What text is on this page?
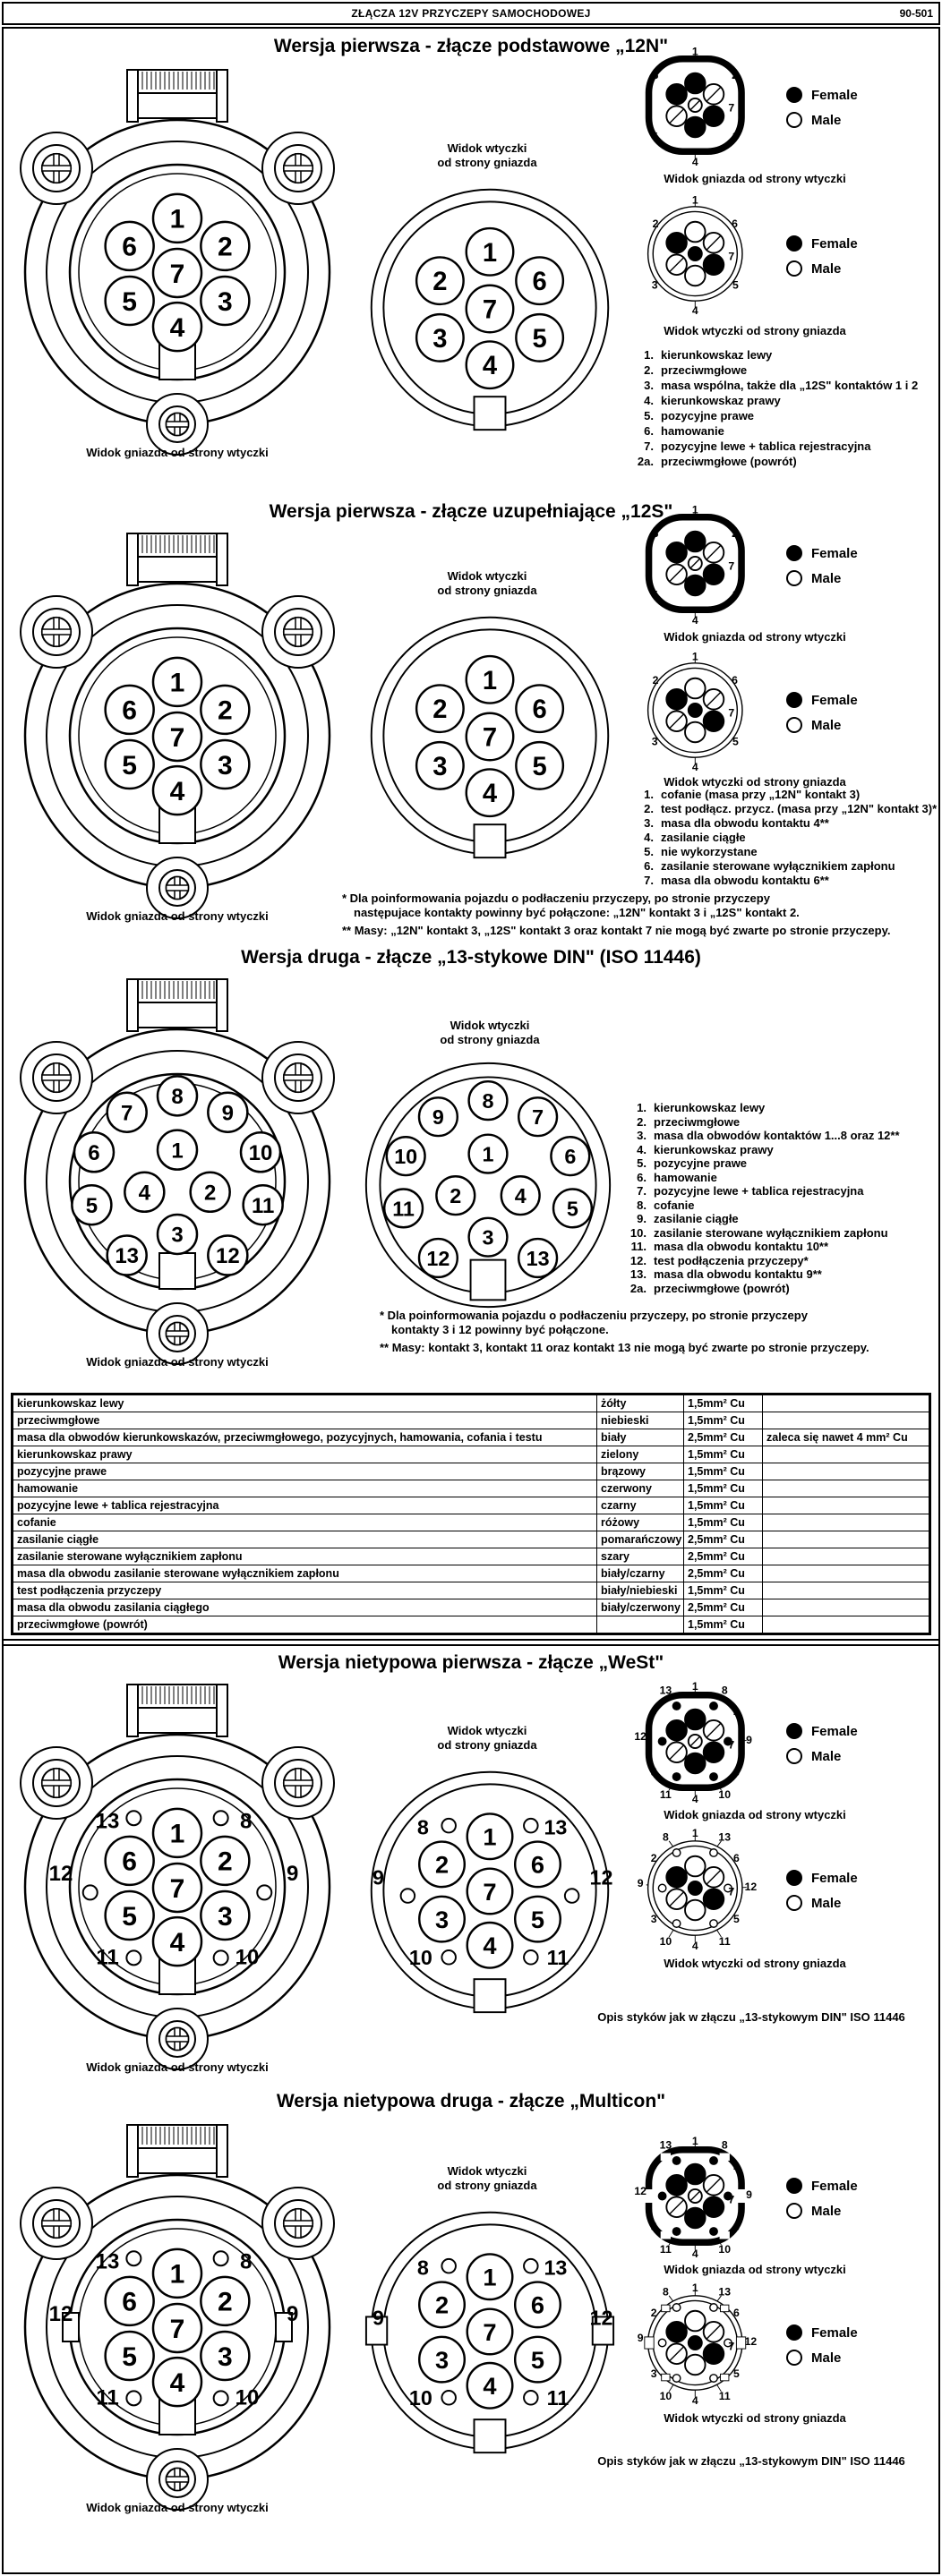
ZŁĄCZA 12V PRZYCZEPY SAMOCHODOWEJ	90-501
Wersja pierwsza - złącze podstawowe „12N"
1
6	2
7
5	3
4
Widok gniazda od strony wtyczki
Widok wtyczki
od strony gniazda
1
2	6
7
3	5
4
1
6	2
7
5	3
4
Female
Male
Widok gniazda od strony wtyczki
1
2	6
7
3	5
4
Female
Male
Widok wtyczki od strony gniazda
1. kierunkowskaz lewy
2. przeciwmgłowe
3. masa wspólna, także dla „12S" kontaktów 1 i 2
4. kierunkowskaz prawy
5. pozycyjne prawe
6. hamowanie
7. pozycyjne lewe + tablica rejestracyjna
2a. przeciwmgłowe (powrót)
Wersja pierwsza - złącze uzupełniające „12S"
1
6	2
7
5	3
4
Widok gniazda od strony wtyczki
Widok wtyczki
od strony gniazda
1
2	6
7
3	5
4
1
6	2
7
5	3
4
Female
Male
Widok gniazda od strony wtyczki
1
2	6
7
3	5
4
Female
Male
Widok wtyczki od strony gniazda
1. cofanie (masa przy „12N" kontakt 3)
2. test podłącz. przycz. (masa przy „12N" kontakt 3)*
3. masa dla obwodu kontaktu 4**
4. zasilanie ciągłe
5. nie wykorzystane
6. zasilanie sterowane wyłącznikiem zapłonu
7. masa dla obwodu kontaktu 6**
* Dla poinformowania pojazdu o podłaczeniu przyczepy, po stronie przyczepy
następujace kontakty powinny być połączone: „12N" kontakt 3 i „12S" kontakt 2.
** Masy: „12N" kontakt 3, „12S" kontakt 3 oraz kontakt 7 nie mogą być zwarte po stronie przyczepy.
Wersja druga - złącze „13-stykowe DIN" (ISO 11446)
8
7	9
6	10
5	11
13	12
1
4	2
3
Widok gniazda od strony wtyczki
Widok wtyczki
od strony gniazda
8
9	7
10	6
11	5
12	13
1
2 4
3
1. kierunkowskaz lewy
2. przeciwmgłowe
3. masa dla obwodów kontaktów 1...8 oraz 12**
4. kierunkowskaz prawy
5. pozycyjne prawe
6. hamowanie
7. pozycyjne lewe + tablica rejestracyjna
8. cofanie
9. zasilanie ciągłe
10. zasilanie sterowane wyłącznikiem zapłonu
11. masa dla obwodu kontaktu 10**
12. test podłączenia przyczepy*
13. masa dla obwodu kontaktu 9**
2a. przeciwmgłowe (powrót)
* Dla poinformowania pojazdu o podłaczeniu przyczepy, po stronie przyczepy
kontakty 3 i 12 powinny być połączone.
** Masy: kontakt 3, kontakt 11 oraz kontakt 13 nie mogą być zwarte po stronie przyczepy.
kierunkowskaz lewy	żółty	1,5mm² Cu	
przeciwmgłowe	niebieski	1,5mm² Cu	
masa dla obwodów kierunkowskazów, przeciwmgłowego, pozycyjnych, hamowania, cofania i testu	biały	2,5mm² Cu	zaleca się nawet 4 mm² Cu
kierunkowskaz prawy	zielony	1,5mm² Cu	
pozycyjne prawe	brązowy	1,5mm² Cu	
hamowanie	czerwony	1,5mm² Cu	
pozycyjne lewe + tablica rejestracyjna	czarny	1,5mm² Cu	
cofanie	różowy	1,5mm² Cu	
zasilanie ciągłe	pomarańczowy	2,5mm² Cu	
zasilanie sterowane wyłącznikiem zapłonu	szary	2,5mm² Cu	
masa dla obwodu zasilanie sterowane wyłącznikiem zapłonu	biały/czarny	2,5mm² Cu	
test podłączenia przyczepy	biały/niebieski	1,5mm² Cu	
masa dla obwodu zasilania ciągłego	biały/czerwony	2,5mm² Cu	
przeciwmgłowe (powrót)		1,5mm² Cu	
Wersja nietypowa pierwsza - złącze „WeSt"
1
6	2
7
5	3
4
13	8
12	9
11	10
Widok gniazda od strony wtyczki
Widok wtyczki
od strony gniazda
1
2	6
7
3	5
4
8	13
9	12
10	11
13 1 8
6	2
12
7 9
5	3
11 4 10
Female
Male
Widok gniazda od strony wtyczki
8 1 13
2	6
9
7 12
3	5
10 4 11
Female
Male
Widok wtyczki od strony gniazda
Opis styków jak w złączu „13-stykowym DIN" ISO 11446
Wersja nietypowa druga - złącze „Multicon"
1
6	2
7
5	3
4
13	8
12	9
11	10
Widok gniazda od strony wtyczki
Widok wtyczki
od strony gniazda
1
2	6
7
3	5
4
8	13
9	12
10	11
13 1 8
6	2
12
7 9
5	3
11 4 10
Female
Male
Widok gniazda od strony wtyczki
8 1 13
2	6
9
7 12
3	5
10 4 11
Female
Male
Widok wtyczki od strony gniazda
Opis styków jak w złączu „13-stykowym DIN" ISO 11446
